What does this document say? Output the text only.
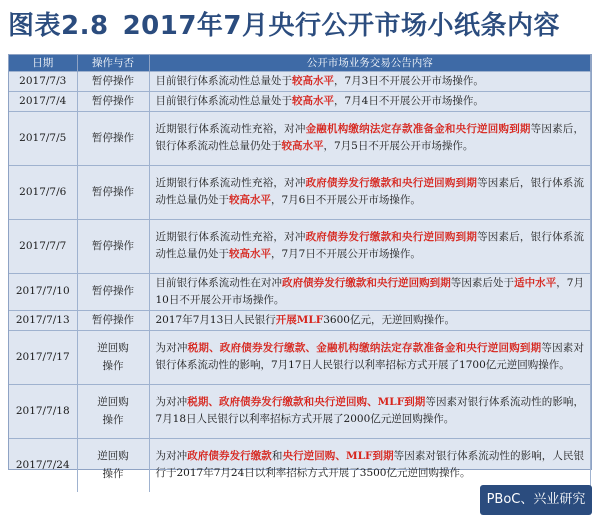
图表2.8 2017年7月央行公开市场小纸条内容
日期	操作与否	公开市场业务交易公告内容
2017/7/3	暂停操作	目前银行体系流动性总量处于较高水平，7月3日不开展公开市场操作。
2017/7/4	暂停操作	目前银行体系流动性总量处于较高水平，7月4日不开展公开市场操作。
2017/7/5	暂停操作	近期银行体系流动性充裕，对冲金融机构缴纳法定存款准备金和央行逆回购到期等因素后，银行体系流动性总量仍处于较高水平，7月5日不开展公开市场操作。
2017/7/6	暂停操作	近期银行体系流动性充裕，对冲政府债券发行缴款和央行逆回购到期等因素后，银行体系流动性总量仍处于较高水平，7月6日不开展公开市场操作。
2017/7/7	暂停操作	近期银行体系流动性充裕，对冲政府债券发行缴款和央行逆回购到期等因素后，银行体系流动性总量仍处于较高水平，7月7日不开展公开市场操作。
2017/7/10	暂停操作	目前银行体系流动性在对冲政府债券发行缴款和央行逆回购到期等因素后处于适中水平，7月10日不开展公开市场操作。
2017/7/13	暂停操作	2017年7月13日人民银行开展MLF3600亿元，无逆回购操作。
2017/7/17	逆回购操作	为对冲税期、政府债券发行缴款、金融机构缴纳法定存款准备金和央行逆回购到期等因素对银行体系流动性的影响，7月17日人民银行以利率招标方式开展了1700亿元逆回购操作。
2017/7/18	逆回购操作	为对冲税期、政府债券发行缴款和央行逆回购、MLF到期等因素对银行体系流动性的影响，7月18日人民银行以利率招标方式开展了2000亿元逆回购操作。
2017/7/24	逆回购操作	为对冲政府债券发行缴款和央行逆回购、MLF到期等因素对银行体系流动性的影响，人民银行于2017年7月24日以利率招标方式开展了3500亿元逆回购操作。
PBoC、兴业研究
